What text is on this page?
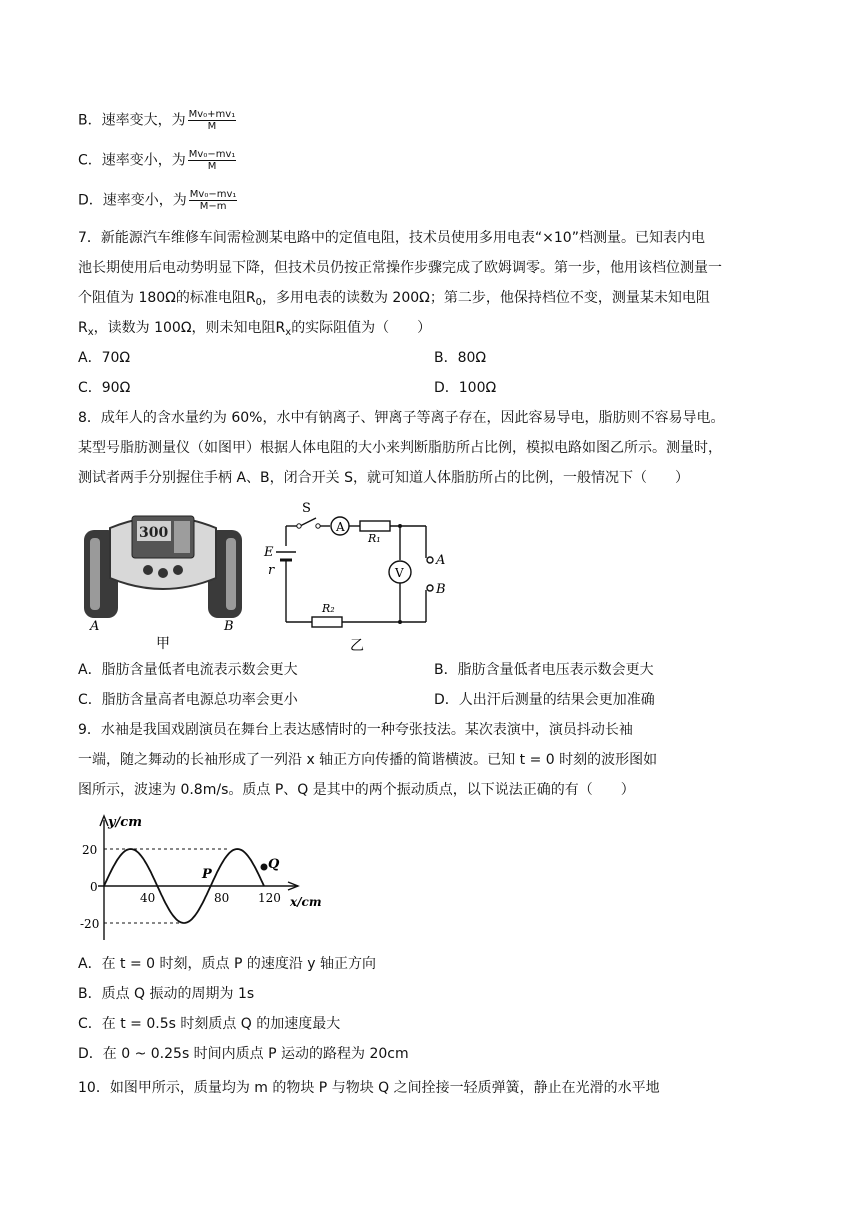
B．速率变大，为 $\frac{\text{Mv₀+mv₁}}{M}$
C．速率变小，为 $\frac{\text{Mv₀−mv₁}}{M}$
D．速率变小，为 $\frac{\text{Mv₀−mv₁}}{M-m}$
7．新能源汽车维修车间需检测某电路中的定值电阻，技术员使用多用电表“×10”档测量。已知表内电
池长期使用后电动势明显下降，但技术员仍按正常操作步骤完成了欧姆调零。第一步，他用该档位测量一
个阻值为 180Ω的标准电阻$R_0$，多用电表的读数为 200Ω；第二步，他保持档位不变，测量某未知电阻
$R_x$，读数为 100Ω，则未知电阻$R_x$的实际阻值为（　　）
A．70Ω	B．80Ω
C．90Ω	D．100Ω
8．成年人的含水量约为 60%，水中有钠离子、钾离子等离子存在，因此容易导电，脂肪则不容易导电。
某型号脂肪测量仪（如图甲）根据人体电阻的大小来判断脂肪所占比例，模拟电路如图乙所示。测量时，
测试者两手分别握住手柄 A、B，闭合开关 S，就可知道人体脂肪所占的比例，一般情况下（　　）
300
A	B
甲
S
A
R₁
E
r	V
A
B
R₂
乙
A．脂肪含量低者电流表示数会更大	B．脂肪含量低者电压表示数会更大
C．脂肪含量高者电源总功率会更小	D．人出汗后测量的结果会更加准确
9．水袖是我国戏剧演员在舞台上表达感情时的一种夸张技法。某次表演中，演员抖动长袖
一端，随之舞动的长袖形成了一列沿 x 轴正方向传播的简谐横波。已知 t = 0 时刻的波形图如
图所示，波速为 0.8m/s。质点 P、Q 是其中的两个振动质点，以下说法正确的有（　　）
y/cm
20
0
-20
40	80 120 x/cm
P
Q
A．在 t = 0 时刻，质点 P 的速度沿 y 轴正方向
B．质点 Q 振动的周期为 1s
C．在 t = 0.5s 时刻质点 Q 的加速度最大
D．在 0 ~ 0.25s 时间内质点 P 运动的路程为 20cm
10．如图甲所示，质量均为 m 的物块 P 与物块 Q 之间拴接一轻质弹簧，静止在光滑的水平地
